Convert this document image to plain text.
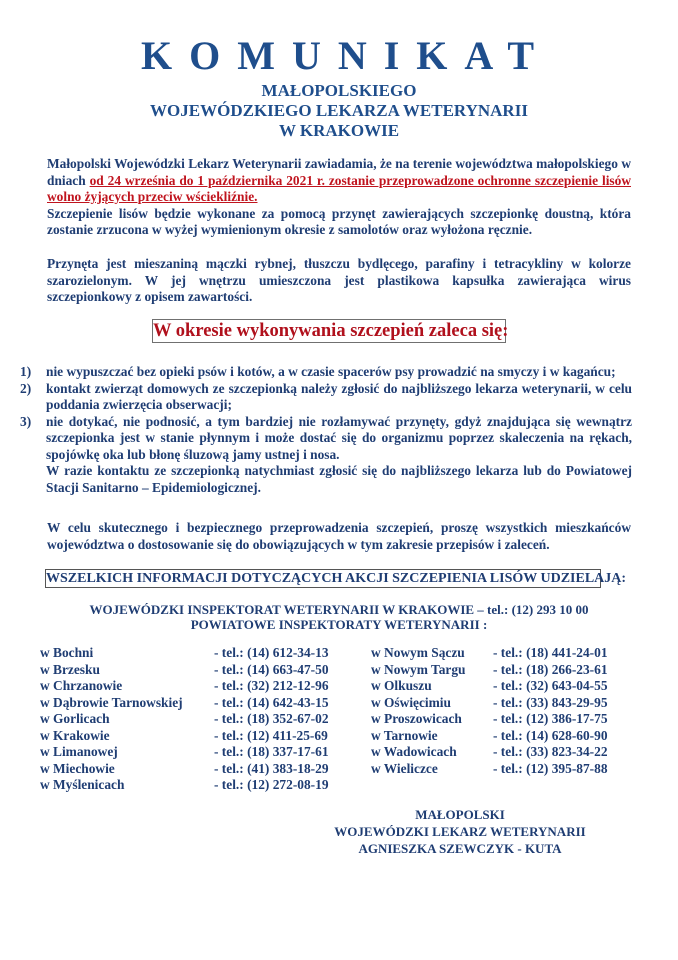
KOMUNIKAT
MAŁOPOLSKIEGO
WOJEWÓDZKIEGO LEKARZA WETERYNARII
W KRAKOWIE
Małopolski Wojewódzki Lekarz Weterynarii zawiadamia, że na terenie województwa małopolskiego w dniach od 24 września do 1 października 2021 r. zostanie przeprowadzone ochronne szczepienie lisów wolno żyjących przeciw wściekliźnie.
Szczepienie lisów będzie wykonane za pomocą przynęt zawierających szczepionkę doustną, która zostanie zrzucona w wyżej wymienionym okresie z samolotów oraz wyłożona ręcznie.
Przynęta jest mieszaniną mączki rybnej, tłuszczu bydlęcego, parafiny i tetracykliny w kolorze szarozielonym. W jej wnętrzu umieszczona jest plastikowa kapsułka zawierająca wirus szczepionkowy z opisem zawartości.
W okresie wykonywania szczepień zaleca się:
1) nie wypuszczać bez opieki psów i kotów, a w czasie spacerów psy prowadzić na smyczy i w kagańcu;
2) kontakt zwierząt domowych ze szczepionką należy zgłosić do najbliższego lekarza weterynarii, w celu poddania zwierzęcia obserwacji;
3) nie dotykać, nie podnosić, a tym bardziej nie rozłamywać przynęty, gdyż znajdująca się wewnątrz szczepionka jest w stanie płynnym i może dostać się do organizmu poprzez skaleczenia na rękach, spojówkę oka lub błonę śluzową jamy ustnej i nosa.
W razie kontaktu ze szczepionką natychmiast zgłosić się do najbliższego lekarza lub do Powiatowej Stacji Sanitarno – Epidemiologicznej.
W celu skutecznego i bezpiecznego przeprowadzenia szczepień, proszę wszystkich mieszkańców województwa o dostosowanie się do obowiązujących w tym zakresie przepisów i zaleceń.
WSZELKICH INFORMACJI DOTYCZĄCYCH AKCJI SZCZEPIENIA LISÓW UDZIELAJĄ:
WOJEWÓDZKI INSPEKTORAT WETERYNARII W KRAKOWIE – tel.: (12) 293 10 00
POWIATOWE INSPEKTORATY WETERYNARII :
w Bochni	- tel.: (14) 612-34-13
w Brzesku	- tel.: (14) 663-47-50
w Chrzanowie	- tel.: (32) 212-12-96
w Dąbrowie Tarnowskiej - tel.: (14) 642-43-15
w Gorlicach	- tel.: (18) 352-67-02
w Krakowie	- tel.: (12) 411-25-69
w Limanowej	- tel.: (18) 337-17-61
w Miechowie	- tel.: (41) 383-18-29
w Myślenicach	- tel.: (12) 272-08-19
w Nowym Sączu - tel.: (18) 441-24-01
w Nowym Targu - tel.: (18) 266-23-61
w Olkuszu	- tel.: (32) 643-04-55
w Oświęcimiu	- tel.: (33) 843-29-95
w Proszowicach - tel.: (12) 386-17-75
w Tarnowie	- tel.: (14) 628-60-90
w Wadowicach	- tel.: (33) 823-34-22
w Wieliczce	- tel.: (12) 395-87-88
MAŁOPOLSKI
WOJEWÓDZKI LEKARZ WETERYNARII
AGNIESZKA SZEWCZYK - KUTA
